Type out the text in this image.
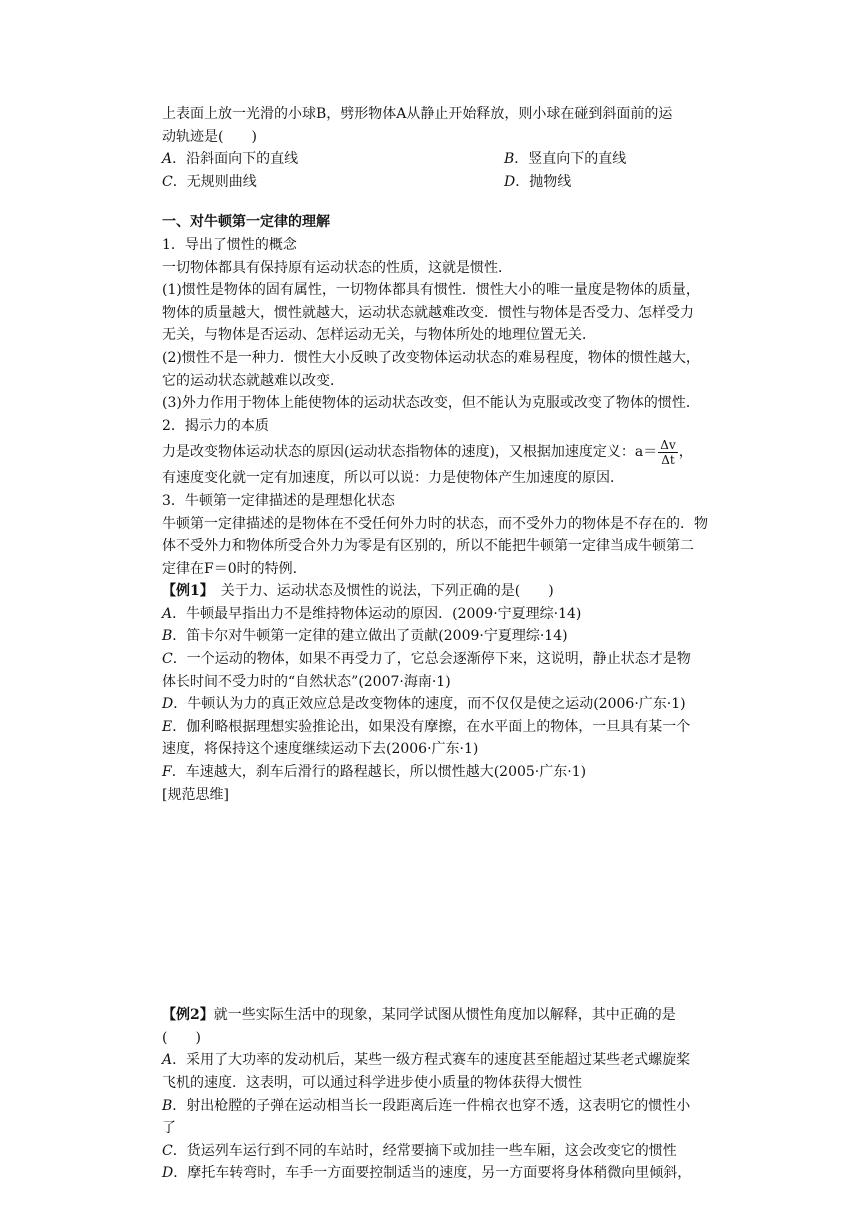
上表面上放一光滑的小球B，劈形物体A从静止开始释放，则小球在碰到斜面前的运

动轨迹是(　　)

A．沿斜面向下的直线	B．竖直向下的直线
C．无规则曲线	D．抛物线

一、对牛顿第一定律的理解

1．导出了惯性的概念

一切物体都具有保持原有运动状态的性质，这就是惯性．

(1)惯性是物体的固有属性，一切物体都具有惯性．惯性大小的唯一量度是物体的质量，

物体的质量越大，惯性就越大，运动状态就越难改变．惯性与物体是否受力、怎样受力

无关，与物体是否运动、怎样运动无关，与物体所处的地理位置无关．

(2)惯性不是一种力．惯性大小反映了改变物体运动状态的难易程度，物体的惯性越大，

它的运动状态就越难以改变．

(3)外力作用于物体上能使物体的运动状态改变，但不能认为克服或改变了物体的惯性．

2．揭示力的本质

力是改变物体运动状态的原因(运动状态指物体的速度)，又根据加速度定义：$a= \frac{\Delta v}{\Delta t}$ ，

有速度变化就一定有加速度，所以可以说：力是使物体产生加速度的原因．

3．牛顿第一定律描述的是理想化状态

牛顿第一定律描述的是物体在不受任何外力时的状态，而不受外力的物体是不存在的．物

体不受外力和物体所受合外力为零是有区别的，所以不能把牛顿第一定律当成牛顿第二

定律在F＝0时的特例．

【例1】　关于力、运动状态及惯性的说法，下列正确的是(　　)

A．牛顿最早指出力不是维持物体运动的原因．(2009·宁夏理综·14)

B．笛卡尔对牛顿第一定律的建立做出了贡献(2009·宁夏理综·14)

C．一个运动的物体，如果不再受力了，它总会逐渐停下来，这说明，静止状态才是物

体长时间不受力时的“自然状态”(2007·海南·1)

D．牛顿认为力的真正效应总是改变物体的速度，而不仅仅是使之运动(2006·广东·1)

E．伽利略根据理想实验推论出，如果没有摩擦，在水平面上的物体，一旦具有某一个

速度，将保持这个速度继续运动下去(2006·广东·1)

F．车速越大，刹车后滑行的路程越长，所以惯性越大(2005·广东·1)

[规范思维]

【例2】就一些实际生活中的现象，某同学试图从惯性角度加以解释，其中正确的是

(　　)

A．采用了大功率的发动机后，某些一级方程式赛车的速度甚至能超过某些老式螺旋桨

飞机的速度．这表明，可以通过科学进步使小质量的物体获得大惯性

B．射出枪膛的子弹在运动相当长一段距离后连一件棉衣也穿不透，这表明它的惯性小

了

C．货运列车运行到不同的车站时，经常要摘下或加挂一些车厢，这会改变它的惯性

D．摩托车转弯时，车手一方面要控制适当的速度，另一方面要将身体稍微向里倾斜，
